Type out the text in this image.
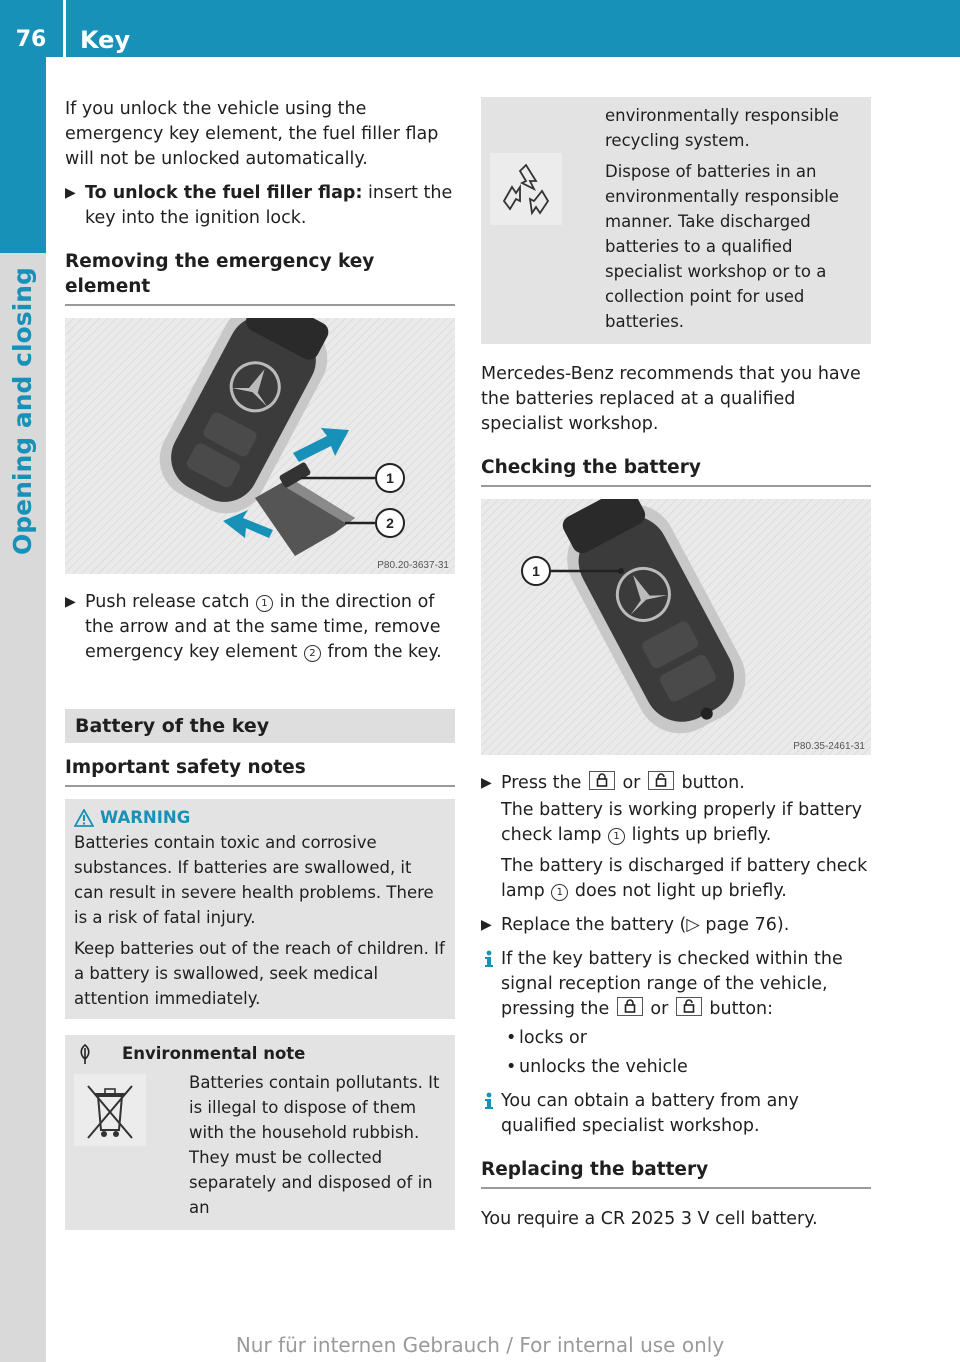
76	Key
Opening and closing

If you unlock the vehicle using the emergency key element, the fuel filler flap will not be unlocked automatically.

▶ To unlock the fuel filler flap: insert the key into the ignition lock.
Removing the emergency key element
1
2
P80.20-3637-31
▶ Push release catch 1 in the direction of the arrow and at the same time, remove emergency key element 2 from the key.
Battery of the key
Important safety notes
WARNING

Batteries contain toxic and corrosive substances. If batteries are swallowed, it can result in severe health problems. There is a risk of fatal injury.

Keep batteries out of the reach of children. If a battery is swallowed, seek medical attention immediately.

Environmental note

Batteries contain pollutants. It is illegal to dispose of them with the household rubbish. They must be collected separately and disposed of in an

environmentally responsible recycling system.

Dispose of batteries in an environmentally responsible manner. Take discharged batteries to a qualified specialist workshop or to a collection point for used batteries.

Mercedes-Benz recommends that you have the batteries replaced at a qualified specialist workshop.

Checking the battery
1
P80.35-2461-31
▶ Press the
or
button.

The battery is working properly if battery check lamp 1 lights up briefly.

The battery is discharged if battery check lamp 1 does not light up briefly.

▶ Replace the battery (▷ page 76).
If the key battery is checked within the signal reception range of the vehicle, pressing the
or
button:
• locks or
• unlocks the vehicle
You can obtain a battery from any qualified specialist workshop.
Replacing the battery

You require a CR 2025 3 V cell battery.

Nur für internen Gebrauch / For internal use only
